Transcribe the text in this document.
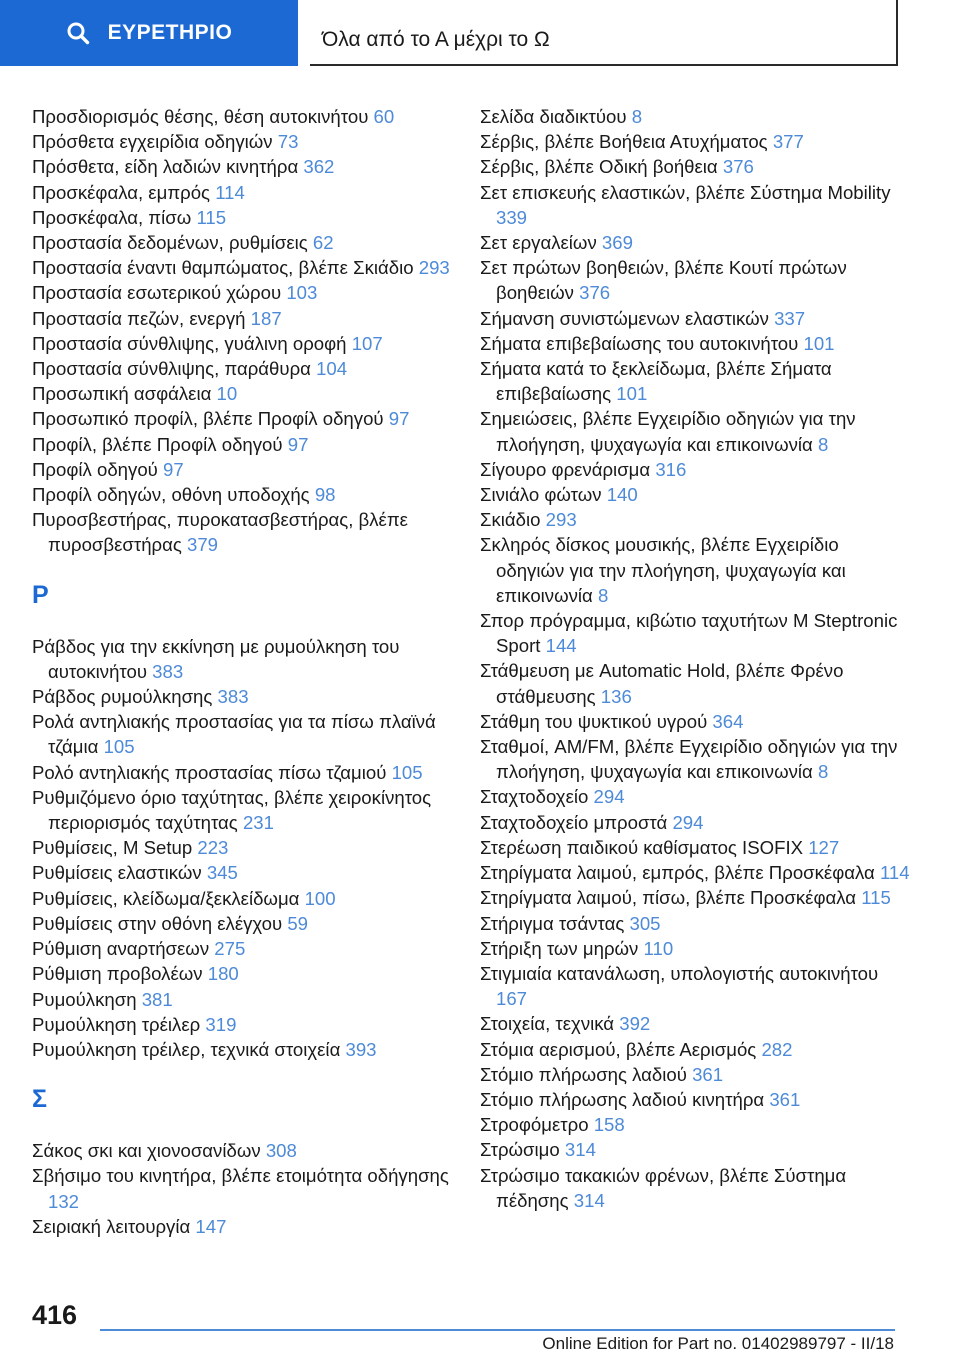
ΕΥΡΕΤΗΡΙΟ	Όλα από το Α μέχρι το Ω
Προσδιορισμός θέσης, θέση αυτοκινήτου 60
Πρόσθετα εγχειρίδια οδηγιών 73
Πρόσθετα, είδη λαδιών κινητήρα 362
Προσκέφαλα, εμπρός 114
Προσκέφαλα, πίσω 115
Προστασία δεδομένων, ρυθμίσεις 62
Προστασία έναντι θαμπώματος, βλέπε Σκιάδιο 293
Προστασία εσωτερικού χώρου 103
Προστασία πεζών, ενεργή 187
Προστασία σύνθλιψης, γυάλινη οροφή 107
Προστασία σύνθλιψης, παράθυρα 104
Προσωπική ασφάλεια 10
Προσωπικό προφίλ, βλέπε Προφίλ οδηγού 97
Προφίλ, βλέπε Προφίλ οδηγού 97
Προφίλ οδηγού 97
Προφίλ οδηγών, οθόνη υποδοχής 98
Πυροσβεστήρας, πυροκατασβεστήρας, βλέπε πυροσβεστήρας 379
Ρ
Ράβδος για την εκκίνηση με ρυμούλκηση του αυτοκινήτου 383
Ράβδος ρυμούλκησης 383
Ρολά αντηλιακής προστασίας για τα πίσω πλαϊνά τζάμια 105
Ρολό αντηλιακής προστασίας πίσω τζαμιού 105
Ρυθμιζόμενο όριο ταχύτητας, βλέπε χειροκίνητος περιορισμός ταχύτητας 231
Ρυθμίσεις, M Setup 223
Ρυθμίσεις ελαστικών 345
Ρυθμίσεις, κλείδωμα/ξεκλείδωμα 100
Ρυθμίσεις στην οθόνη ελέγχου 59
Ρύθμιση αναρτήσεων 275
Ρύθμιση προβολέων 180
Ρυμούλκηση 381
Ρυμούλκηση τρέιλερ 319
Ρυμούλκηση τρέιλερ, τεχνικά στοιχεία 393
Σ
Σάκος σκι και χιονοσανίδων 308
Σβήσιμο του κινητήρα, βλέπε ετοιμότητα οδήγησης 132
Σειριακή λειτουργία 147
Σελίδα διαδικτύου 8
Σέρβις, βλέπε Βοήθεια Ατυχήματος 377
Σέρβις, βλέπε Οδική βοήθεια 376
Σετ επισκευής ελαστικών, βλέπε Σύστημα Mobility 339
Σετ εργαλείων 369
Σετ πρώτων βοηθειών, βλέπε Κουτί πρώτων βοηθειών 376
Σήμανση συνιστώμενων ελαστικών 337
Σήματα επιβεβαίωσης του αυτοκινήτου 101
Σήματα κατά το ξεκλείδωμα, βλέπε Σήματα επιβεβαίωσης 101
Σημειώσεις, βλέπε Εγχειρίδιο οδηγιών για την πλοήγηση, ψυχαγωγία και επικοινωνία 8
Σίγουρο φρενάρισμα 316
Σινιάλο φώτων 140
Σκιάδιο 293
Σκληρός δίσκος μουσικής, βλέπε Εγχειρίδιο οδηγιών για την πλοήγηση, ψυχαγωγία και επικοινωνία 8
Σπορ πρόγραμμα, κιβώτιο ταχυτήτων M Steptronic Sport 144
Στάθμευση με Automatic Hold, βλέπε Φρένο στάθμευσης 136
Στάθμη του ψυκτικού υγρού 364
Σταθμοί, AM/FM, βλέπε Εγχειρίδιο οδηγιών για την πλοήγηση, ψυχαγωγία και επικοινωνία 8
Σταχτοδοχείο 294
Σταχτοδοχείο μπροστά 294
Στερέωση παιδικού καθίσματος ISOFIX 127
Στηρίγματα λαιμού, εμπρός, βλέπε Προσκέφαλα 114
Στηρίγματα λαιμού, πίσω, βλέπε Προσκέφαλα 115
Στήριγμα τσάντας 305
Στήριξη των μηρών 110
Στιγμιαία κατανάλωση, υπολογιστής αυτοκινήτου 167
Στοιχεία, τεχνικά 392
Στόμια αερισμού, βλέπε Αερισμός 282
Στόμιο πλήρωσης λαδιού 361
Στόμιο πλήρωσης λαδιού κινητήρα 361
Στροφόμετρο 158
Στρώσιμο 314
Στρώσιμο τακακιών φρένων, βλέπε Σύστημα πέδησης 314
416
Online Edition for Part no. 01402989797 - II/18
